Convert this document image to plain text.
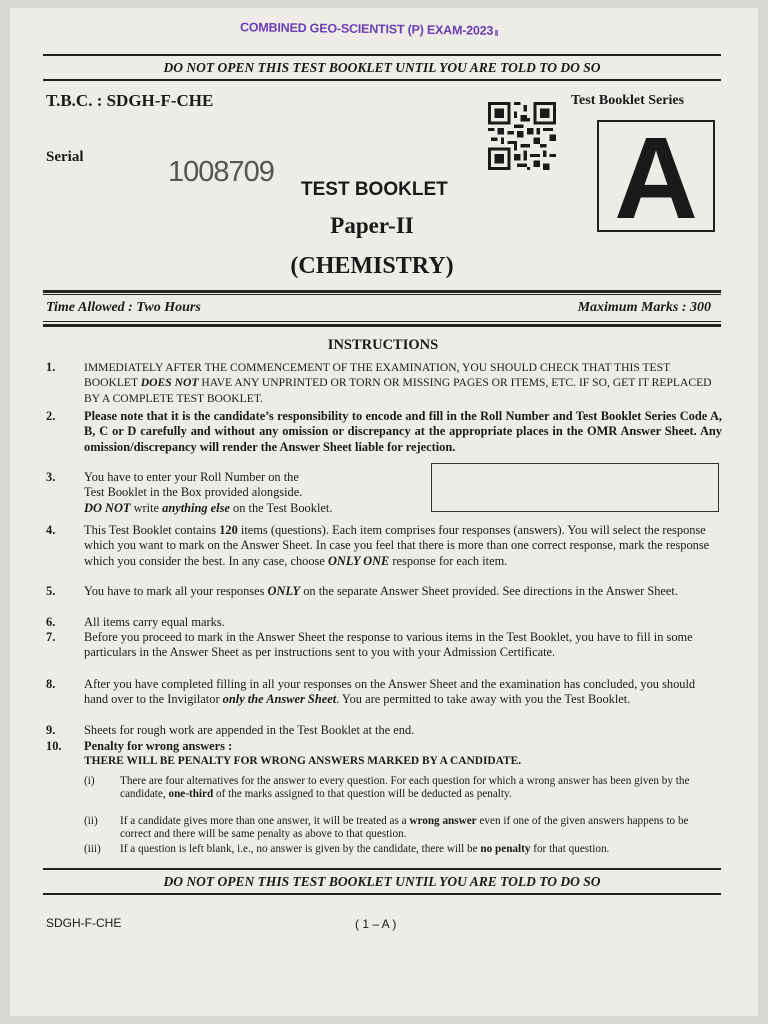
COMBINED GEO-SCIENTIST (P) EXAM-2023
DO NOT OPEN THIS TEST BOOKLET UNTIL YOU ARE TOLD TO DO SO
T.B.C. : SDGH-F-CHE	Test Booklet Series
Serial	1008709	A
TEST BOOKLET
Paper-II
(CHEMISTRY)
Time Allowed : Two Hours	Maximum Marks : 300
INSTRUCTIONS
1. IMMEDIATELY AFTER THE COMMENCEMENT OF THE EXAMINATION, YOU SHOULD CHECK THAT THIS TEST BOOKLET DOES NOT HAVE ANY UNPRINTED OR TORN OR MISSING PAGES OR ITEMS, ETC. IF SO, GET IT REPLACED BY A COMPLETE TEST BOOKLET.
2. Please note that it is the candidate’s responsibility to encode and fill in the Roll Number and Test Booklet Series Code A, B, C or D carefully and without any omission or discrepancy at the appropriate places in the OMR Answer Sheet. Any omission/discrepancy will render the Answer Sheet liable for rejection.
3. You have to enter your Roll Number on the
Test Booklet in the Box provided alongside.
DO NOT write anything else on the Test Booklet.
4. This Test Booklet contains 120 items (questions). Each item comprises four responses (answers). You will select the response which you want to mark on the Answer Sheet. In case you feel that there is more than one correct response, mark the response which you consider the best. In any case, choose ONLY ONE response for each item.
5. You have to mark all your responses ONLY on the separate Answer Sheet provided. See directions in the Answer Sheet.
6. All items carry equal marks.
7. Before you proceed to mark in the Answer Sheet the response to various items in the Test Booklet, you have to fill in some particulars in the Answer Sheet as per instructions sent to you with your Admission Certificate.
8. After you have completed filling in all your responses on the Answer Sheet and the examination has concluded, you should hand over to the Invigilator only the Answer Sheet. You are permitted to take away with you the Test Booklet.
9. Sheets for rough work are appended in the Test Booklet at the end.
10. Penalty for wrong answers :
THERE WILL BE PENALTY FOR WRONG ANSWERS MARKED BY A CANDIDATE.
(i) There are four alternatives for the answer to every question. For each question for which a wrong answer has been given by the candidate, one-third of the marks assigned to that question will be deducted as penalty.
(ii) If a candidate gives more than one answer, it will be treated as a wrong answer even if one of the given answers happens to be correct and there will be same penalty as above to that question.
(iii) If a question is left blank, i.e., no answer is given by the candidate, there will be no penalty for that question.
DO NOT OPEN THIS TEST BOOKLET UNTIL YOU ARE TOLD TO DO SO
SDGH-F-CHE	( 1 – A )
